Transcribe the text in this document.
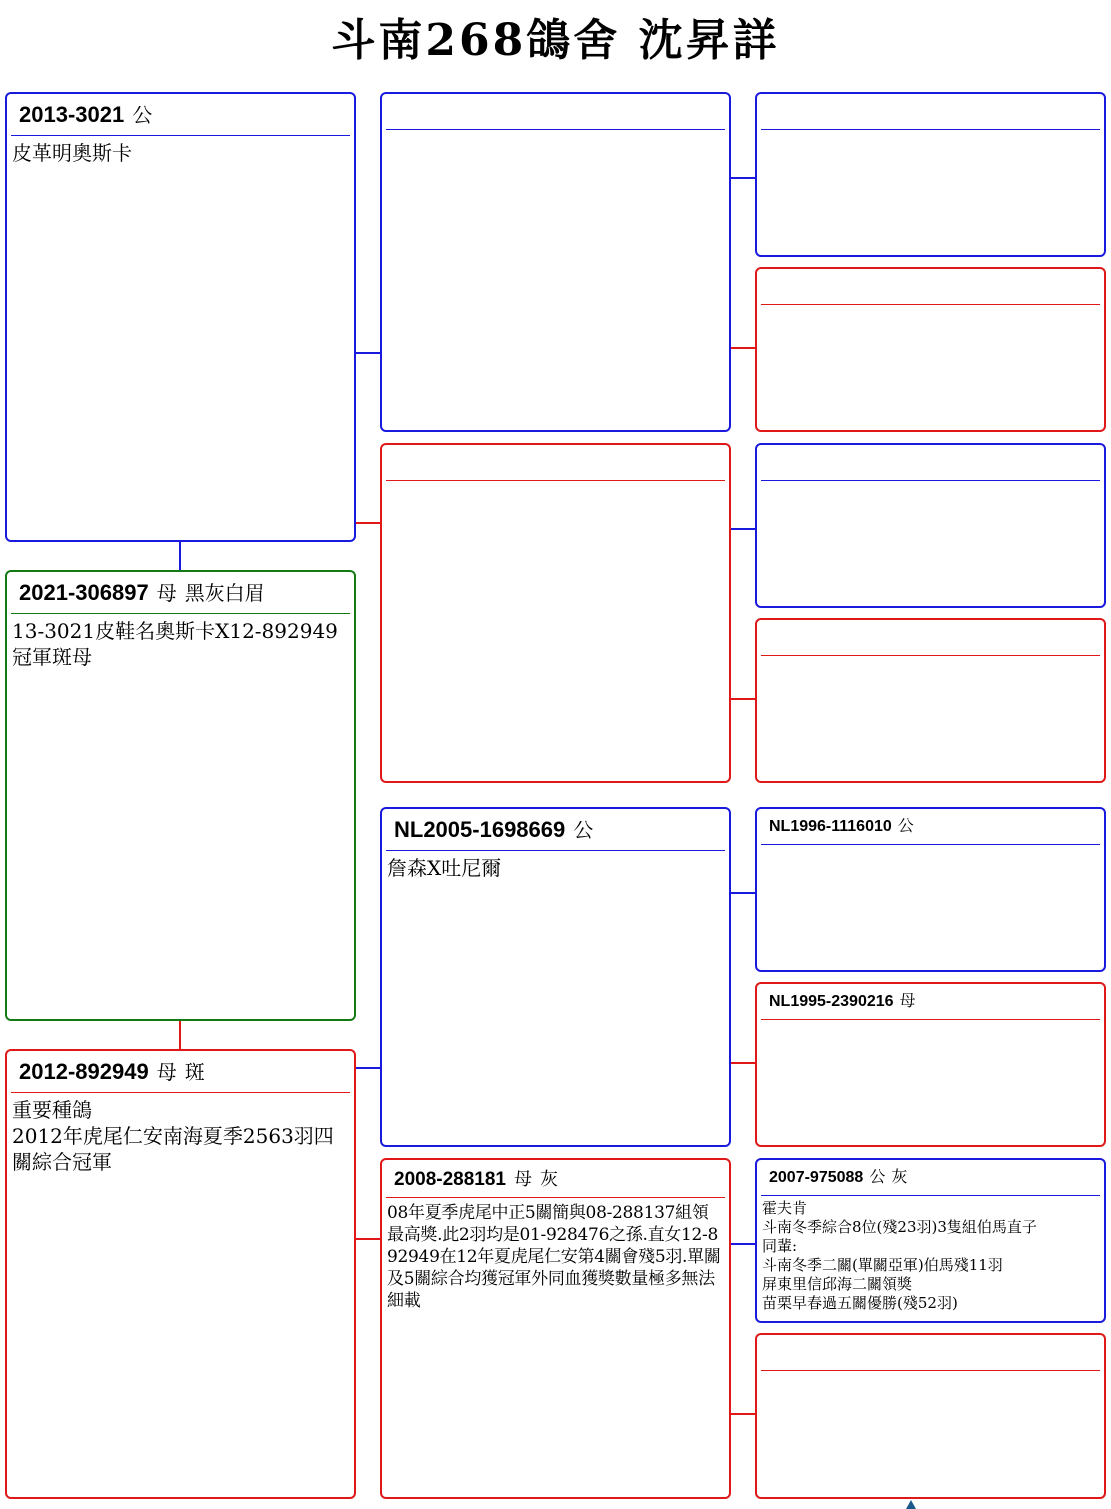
斗南268鴿舍 沈昇詳
2013-3021 公
皮革明奧斯卡
2021-306897 母 黑灰白眉
13-3021皮鞋名奧斯卡X12-892949冠軍斑母
2012-892949 母 斑
重要種鴿
2012年虎尾仁安南海夏季2563羽四關綜合冠軍
NL2005-1698669 公
詹森X吐尼爾
2008-288181 母 灰
08年夏季虎尾中正5關簡與08-288137組領最高獎.此2羽均是01-928476之孫.直女12-892949在12年夏虎尾仁安第4關會殘5羽.單關及5關綜合均獲冠軍外同血獲獎數量極多無法細載
NL1996-1116010 公
NL1995-2390216 母
2007-975088 公 灰
霍夫肯
斗南冬季綜合8位(殘23羽)3隻組伯馬直子
同輩:
斗南冬季二關(單關亞軍)伯馬殘11羽
屏東里信邱海二關領獎
苗栗早春過五關優勝(殘52羽)
